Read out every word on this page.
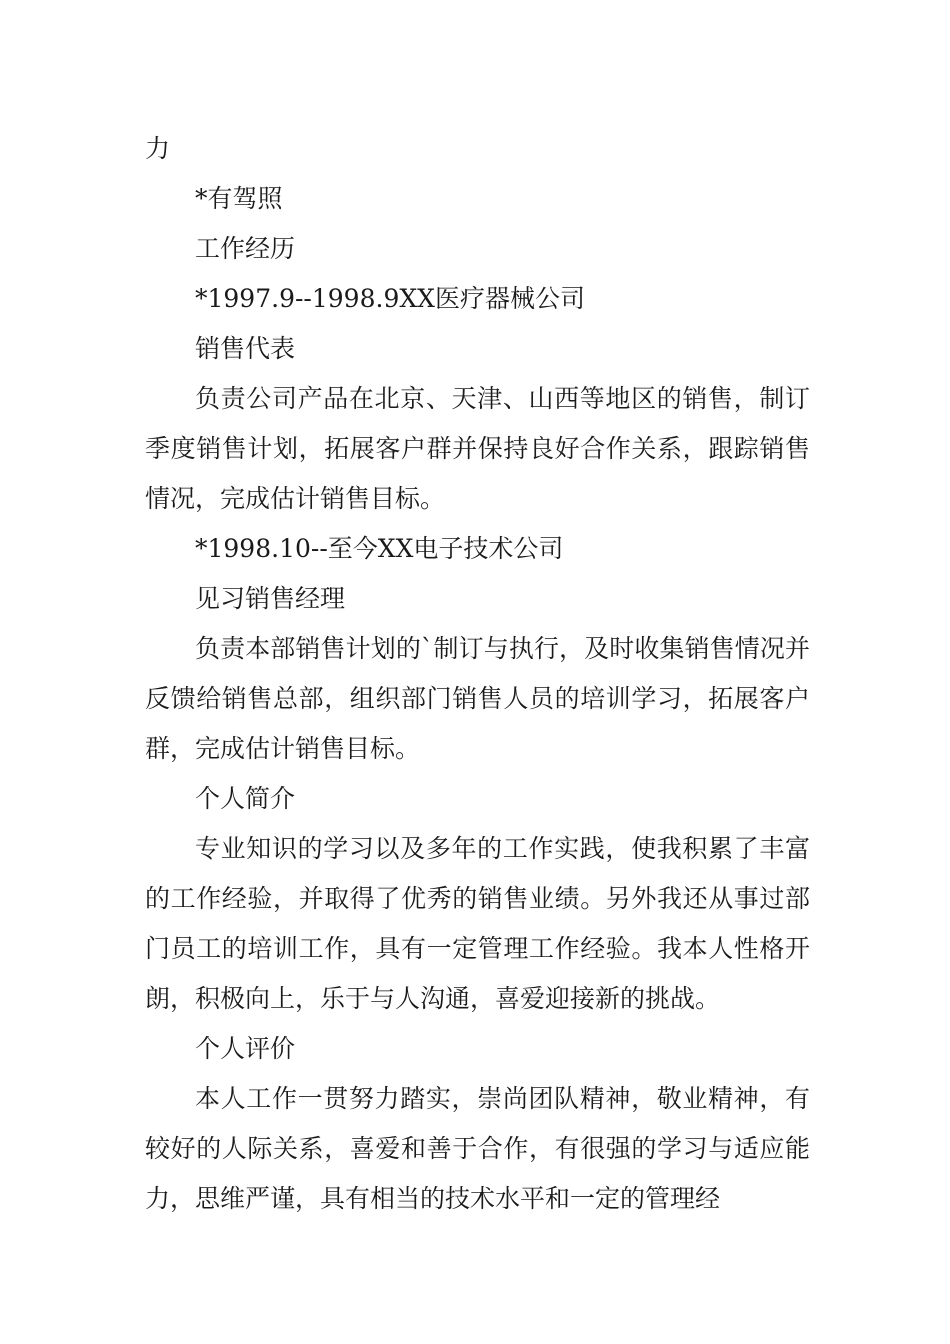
力

*有驾照

工作经历

*1997.9--1998.9XX医疗器械公司

销售代表

负责公司产品在北京、天津、山西等地区的销售，制订季度销售计划，拓展客户群并保持良好合作关系，跟踪销售情况，完成估计销售目标。

*1998.10--至今XX电子技术公司

见习销售经理

负责本部销售计划的`制订与执行，及时收集销售情况并反馈给销售总部，组织部门销售人员的培训学习，拓展客户群，完成估计销售目标。

个人简介

专业知识的学习以及多年的工作实践，使我积累了丰富的工作经验，并取得了优秀的销售业绩。另外我还从事过部门员工的培训工作，具有一定管理工作经验。我本人性格开朗，积极向上，乐于与人沟通，喜爱迎接新的挑战。

个人评价

本人工作一贯努力踏实，崇尚团队精神，敬业精神，有较好的人际关系，喜爱和善于合作，有很强的学习与适应能力，思维严谨，具有相当的技术水平和一定的管理经
